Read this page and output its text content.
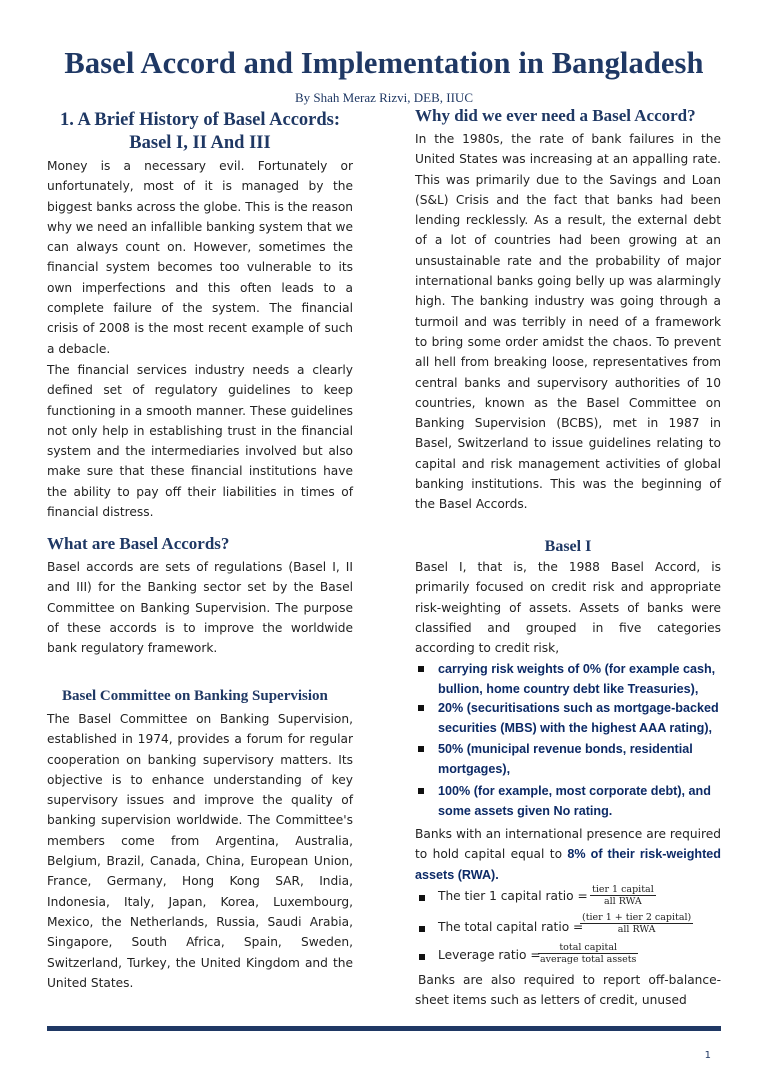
Basel Accord and Implementation in Bangladesh
By Shah Meraz Rizvi, DEB, IIUC
1. A Brief History of Basel Accords: Basel I, II And III
Money is a necessary evil. Fortunately or unfortunately, most of it is managed by the biggest banks across the globe. This is the reason why we need an infallible banking system that we can always count on. However, sometimes the financial system becomes too vulnerable to its own imperfections and this often leads to a complete failure of the system. The financial crisis of 2008 is the most recent example of such a debacle.
The financial services industry needs a clearly defined set of regulatory guidelines to keep functioning in a smooth manner. These guidelines not only help in establishing trust in the financial system and the intermediaries involved but also make sure that these financial institutions have the ability to pay off their liabilities in times of financial distress.
What are Basel Accords?
Basel accords are sets of regulations (Basel I, II and III) for the Banking sector set by the Basel Committee on Banking Supervision. The purpose of these accords is to improve the worldwide bank regulatory framework.
Basel Committee on Banking Supervision
The Basel Committee on Banking Supervision, established in 1974, provides a forum for regular cooperation on banking supervisory matters. Its objective is to enhance understanding of key supervisory issues and improve the quality of banking supervision worldwide. The Committee's members come from Argentina, Australia, Belgium, Brazil, Canada, China, European Union, France, Germany, Hong Kong SAR, India, Indonesia, Italy, Japan, Korea, Luxembourg, Mexico, the Netherlands, Russia, Saudi Arabia, Singapore, South Africa, Spain, Sweden, Switzerland, Turkey, the United Kingdom and the United States.
Why did we ever need a Basel Accord?
In the 1980s, the rate of bank failures in the United States was increasing at an appalling rate. This was primarily due to the Savings and Loan (S&L) Crisis and the fact that banks had been lending recklessly. As a result, the external debt of a lot of countries had been growing at an unsustainable rate and the probability of major international banks going belly up was alarmingly high. The banking industry was going through a turmoil and was terribly in need of a framework to bring some order amidst the chaos. To prevent all hell from breaking loose, representatives from central banks and supervisory authorities of 10 countries, known as the Basel Committee on Banking Supervision (BCBS), met in 1987 in Basel, Switzerland to issue guidelines relating to capital and risk management activities of global banking institutions. This was the beginning of the Basel Accords.
Basel I
Basel I, that is, the 1988 Basel Accord, is primarily focused on credit risk and appropriate risk-weighting of assets. Assets of banks were classified and grouped in five categories according to credit risk,
carrying risk weights of 0% (for example cash, bullion, home country debt like Treasuries),
20% (securitisations such as mortgage-backed securities (MBS) with the highest AAA rating),
50% (municipal revenue bonds, residential mortgages),
100% (for example, most corporate debt), and some assets given No rating.
Banks with an international presence are required to hold capital equal to 8% of their risk-weighted assets (RWA).
The tier 1 capital ratio = tier 1 capital
all RWA
The total capital ratio =
(tier 1 + tier 2 capital)
all RWA
Leverage ratio =
total capital
average total assets
Banks are also required to report off-balance-sheet items such as letters of credit, unused
1
